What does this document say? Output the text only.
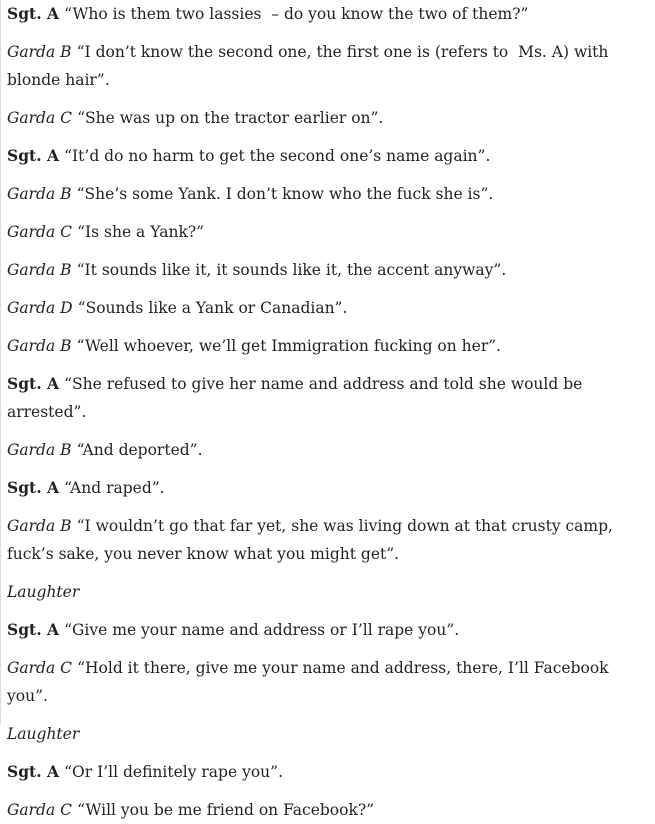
Sgt. A “Who is them two lassies  – do you know the two of them?”

Garda B “I don’t know the second one, the first one is (refers to  Ms. A) with blonde hair”.

Garda C “She was up on the tractor earlier on”.

Sgt. A “It’d do no harm to get the second one’s name again”.

Garda B “She’s some Yank. I don’t know who the fuck she is”.

Garda C “Is she a Yank?”

Garda B “It sounds like it, it sounds like it, the accent anyway”.

Garda D “Sounds like a Yank or Canadian”.

Garda B “Well whoever, we’ll get Immigration fucking on her”.

Sgt. A “She refused to give her name and address and told she would be arrested”.

Garda B “And deported”.

Sgt. A “And raped”.

Garda B “I wouldn’t go that far yet, she was living down at that crusty camp, fuck’s sake, you never know what you might get”.

Laughter

Sgt. A “Give me your name and address or I’ll rape you”.

Garda C “Hold it there, give me your name and address, there, I’ll Facebook you”.

Laughter

Sgt. A “Or I’ll definitely rape you”.

Garda C “Will you be me friend on Facebook?”
